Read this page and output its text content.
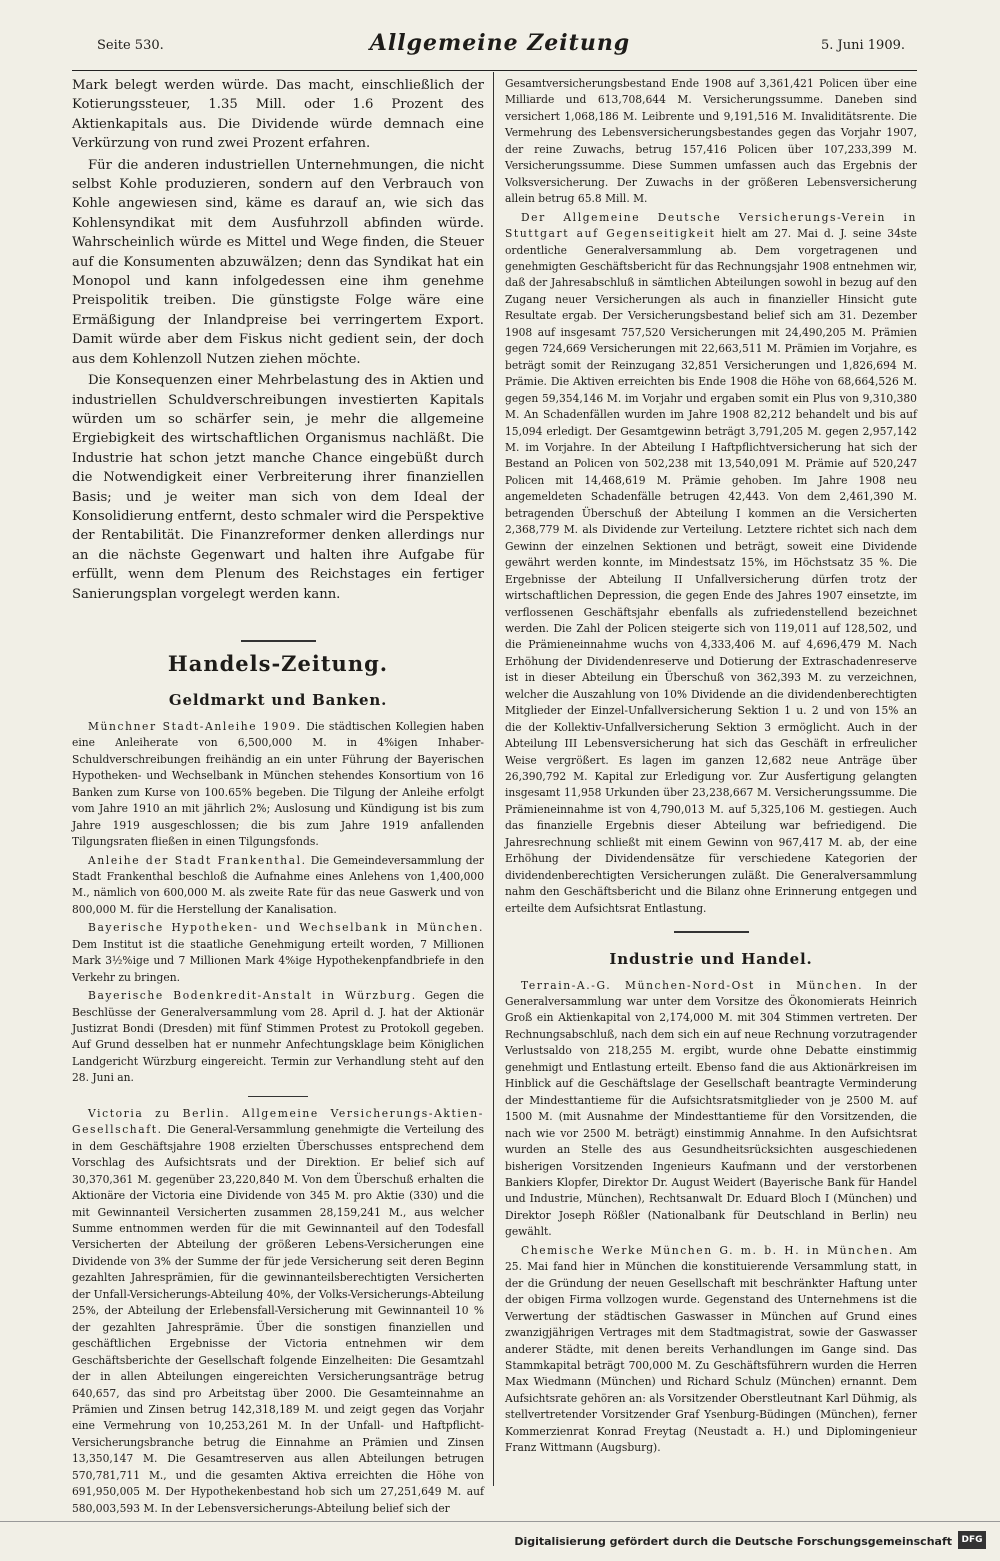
Seite 530.	Allgemeine Zeitung	5. Juni 1909.

Mark belegt werden würde. Das macht, einschließlich der Kotierungssteuer, 1.35 Mill. oder 1.6 Prozent des Aktienkapitals aus. Die Dividende würde demnach eine Verkürzung von rund zwei Prozent erfahren.

Für die anderen industriellen Unternehmungen, die nicht selbst Kohle produzieren, sondern auf den Verbrauch von Kohle angewiesen sind, käme es darauf an, wie sich das Kohlensyndikat mit dem Ausfuhrzoll abfinden würde. Wahrscheinlich würde es Mittel und Wege finden, die Steuer auf die Konsumenten abzuwälzen; denn das Syndikat hat ein Monopol und kann infolgedessen eine ihm genehme Preispolitik treiben. Die günstigste Folge wäre eine Ermäßigung der Inlandpreise bei verringertem Export. Damit würde aber dem Fiskus nicht gedient sein, der doch aus dem Kohlenzoll Nutzen ziehen möchte.

Die Konsequenzen einer Mehrbelastung des in Aktien und industriellen Schuldverschreibungen investierten Kapitals würden um so schärfer sein, je mehr die allgemeine Ergiebigkeit des wirtschaftlichen Organismus nachläßt. Die Industrie hat schon jetzt manche Chance eingebüßt durch die Notwendigkeit einer Verbreiterung ihrer finanziellen Basis; und je weiter man sich von dem Ideal der Konsolidierung entfernt, desto schmaler wird die Perspektive der Rentabilität. Die Finanzreformer denken allerdings nur an die nächste Gegenwart und halten ihre Aufgabe für erfüllt, wenn dem Plenum des Reichstages ein fertiger Sanierungsplan vorgelegt werden kann.

Handels-Zeitung.
Geldmarkt und Banken.

Münchner Stadt-Anleihe 1909. Die städtischen Kollegien haben eine Anleiherate von 6,500,000 M. in 4%igen Inhaber-Schuldverschreibungen freihändig an ein unter Führung der Bayerischen Hypotheken- und Wechselbank in München stehendes Konsortium von 16 Banken zum Kurse von 100.65% begeben. Die Tilgung der Anleihe erfolgt vom Jahre 1910 an mit jährlich 2%; Auslosung und Kündigung ist bis zum Jahre 1919 ausgeschlossen; die bis zum Jahre 1919 anfallenden Tilgungsraten fließen in einen Tilgungsfonds.

Anleihe der Stadt Frankenthal. Die Gemeindeversammlung der Stadt Frankenthal beschloß die Aufnahme eines Anlehens von 1,400,000 M., nämlich von 600,000 M. als zweite Rate für das neue Gaswerk und von 800,000 M. für die Herstellung der Kanalisation.

Bayerische Hypotheken- und Wechselbank in München. Dem Institut ist die staatliche Genehmigung erteilt worden, 7 Millionen Mark 3½%ige und 7 Millionen Mark 4%ige Hypothekenpfandbriefe in den Verkehr zu bringen.

Bayerische Bodenkredit-Anstalt in Würzburg. Gegen die Beschlüsse der Generalversammlung vom 28. April d. J. hat der Aktionär Justizrat Bondi (Dresden) mit fünf Stimmen Protest zu Protokoll gegeben. Auf Grund desselben hat er nunmehr Anfechtungsklage beim Königlichen Landgericht Würzburg eingereicht. Termin zur Verhandlung steht auf den 28. Juni an.

Victoria zu Berlin. Allgemeine Versicherungs-Aktien-Gesellschaft. Die General-Versammlung genehmigte die Verteilung des in dem Geschäftsjahre 1908 erzielten Überschusses entsprechend dem Vorschlag des Aufsichtsrats und der Direktion. Er belief sich auf 30,370,361 M. gegenüber 23,220,840 M. Von dem Überschuß erhalten die Aktionäre der Victoria eine Dividende von 345 M. pro Aktie (330) und die mit Gewinnanteil Versicherten zusammen 28,159,241 M., aus welcher Summe entnommen werden für die mit Gewinnanteil auf den Todesfall Versicherten der Abteilung der größeren Lebens-Versicherungen eine Dividende von 3% der Summe der für jede Versicherung seit deren Beginn gezahlten Jahresprämien, für die gewinnanteilsberechtigten Versicherten der Unfall-Versicherungs-Abteilung 40%, der Volks-Versicherungs-Abteilung 25%, der Abteilung der Erlebensfall-Versicherung mit Gewinnanteil 10 % der gezahlten Jahresprämie. Über die sonstigen finanziellen und geschäftlichen Ergebnisse der Victoria entnehmen wir dem Geschäftsberichte der Gesellschaft folgende Einzelheiten: Die Gesamtzahl der in allen Abteilungen eingereichten Versicherungsanträge betrug 640,657, das sind pro Arbeitstag über 2000. Die Gesamteinnahme an Prämien und Zinsen betrug 142,318,189 M. und zeigt gegen das Vorjahr eine Vermehrung von 10,253,261 M. In der Unfall- und Haftpflicht-Versicherungsbranche betrug die Einnahme an Prämien und Zinsen 13,350,147 M. Die Gesamtreserven aus allen Abteilungen betrugen 570,781,711 M., und die gesamten Aktiva erreichten die Höhe von 691,950,005 M. Der Hypothekenbestand hob sich um 27,251,649 M. auf 580,003,593 M. In der Lebensversicherungs-Abteilung belief sich der

Gesamtversicherungsbestand Ende 1908 auf 3,361,421 Policen über eine Milliarde und 613,708,644 M. Versicherungssumme. Daneben sind versichert 1,068,186 M. Leibrente und 9,191,516 M. Invaliditätsrente. Die Vermehrung des Lebensversicherungsbestandes gegen das Vorjahr 1907, der reine Zuwachs, betrug 157,416 Policen über 107,233,399 M. Versicherungssumme. Diese Summen umfassen auch das Ergebnis der Volksversicherung. Der Zuwachs in der größeren Lebensversicherung allein betrug 65.8 Mill. M.

Der Allgemeine Deutsche Versicherungs-Verein in Stuttgart auf Gegenseitigkeit hielt am 27. Mai d. J. seine 34ste ordentliche Generalversammlung ab. Dem vorgetragenen und genehmigten Geschäftsbericht für das Rechnungsjahr 1908 entnehmen wir, daß der Jahresabschluß in sämtlichen Abteilungen sowohl in bezug auf den Zugang neuer Versicherungen als auch in finanzieller Hinsicht gute Resultate ergab. Der Versicherungsbestand belief sich am 31. Dezember 1908 auf insgesamt 757,520 Versicherungen mit 24,490,205 M. Prämien gegen 724,669 Versicherungen mit 22,663,511 M. Prämien im Vorjahre, es beträgt somit der Reinzugang 32,851 Versicherungen und 1,826,694 M. Prämie. Die Aktiven erreichten bis Ende 1908 die Höhe von 68,664,526 M. gegen 59,354,146 M. im Vorjahr und ergaben somit ein Plus von 9,310,380 M. An Schadenfällen wurden im Jahre 1908 82,212 behandelt und bis auf 15,094 erledigt. Der Gesamtgewinn beträgt 3,791,205 M. gegen 2,957,142 M. im Vorjahre. In der Abteilung I Haftpflichtversicherung hat sich der Bestand an Policen von 502,238 mit 13,540,091 M. Prämie auf 520,247 Policen mit 14,468,619 M. Prämie gehoben. Im Jahre 1908 neu angemeldeten Schadenfälle betrugen 42,443. Von dem 2,461,390 M. betragenden Überschuß der Abteilung I kommen an die Versicherten 2,368,779 M. als Dividende zur Verteilung. Letztere richtet sich nach dem Gewinn der einzelnen Sektionen und beträgt, soweit eine Dividende gewährt werden konnte, im Mindestsatz 15%, im Höchstsatz 35 %. Die Ergebnisse der Abteilung II Unfallversicherung dürfen trotz der wirtschaftlichen Depression, die gegen Ende des Jahres 1907 einsetzte, im verflossenen Geschäftsjahr ebenfalls als zufriedenstellend bezeichnet werden. Die Zahl der Policen steigerte sich von 119,011 auf 128,502, und die Prämieneinnahme wuchs von 4,333,406 M. auf 4,696,479 M. Nach Erhöhung der Dividendenreserve und Dotierung der Extraschadenreserve ist in dieser Abteilung ein Überschuß von 362,393 M. zu verzeichnen, welcher die Auszahlung von 10% Dividende an die dividendenberechtigten Mitglieder der Einzel-Unfallversicherung Sektion 1 u. 2 und von 15% an die der Kollektiv-Unfallversicherung Sektion 3 ermöglicht. Auch in der Abteilung III Lebensversicherung hat sich das Geschäft in erfreulicher Weise vergrößert. Es lagen im ganzen 12,682 neue Anträge über 26,390,792 M. Kapital zur Erledigung vor. Zur Ausfertigung gelangten insgesamt 11,958 Urkunden über 23,238,667 M. Versicherungssumme. Die Prämieneinnahme ist von 4,790,013 M. auf 5,325,106 M. gestiegen. Auch das finanzielle Ergebnis dieser Abteilung war befriedigend. Die Jahresrechnung schließt mit einem Gewinn von 967,417 M. ab, der eine Erhöhung der Dividendensätze für verschiedene Kategorien der dividendenberechtigten Versicherungen zuläßt. Die Generalversammlung nahm den Geschäftsbericht und die Bilanz ohne Erinnerung entgegen und erteilte dem Aufsichtsrat Entlastung.

Industrie und Handel.

Terrain-A.-G. München-Nord-Ost in München. In der Generalversammlung war unter dem Vorsitze des Ökonomierats Heinrich Groß ein Aktienkapital von 2,174,000 M. mit 304 Stimmen vertreten. Der Rechnungsabschluß, nach dem sich ein auf neue Rechnung vorzutragender Verlustsaldo von 218,255 M. ergibt, wurde ohne Debatte einstimmig genehmigt und Entlastung erteilt. Ebenso fand die aus Aktionärkreisen im Hinblick auf die Geschäftslage der Gesellschaft beantragte Verminderung der Mindesttantieme für die Aufsichtsratsmitglieder von je 2500 M. auf 1500 M. (mit Ausnahme der Mindesttantieme für den Vorsitzenden, die nach wie vor 2500 M. beträgt) einstimmig Annahme. In den Aufsichtsrat wurden an Stelle des aus Gesundheitsrücksichten ausgeschiedenen bisherigen Vorsitzenden Ingenieurs Kaufmann und der verstorbenen Bankiers Klopfer, Direktor Dr. August Weidert (Bayerische Bank für Handel und Industrie, München), Rechtsanwalt Dr. Eduard Bloch I (München) und Direktor Joseph Rößler (Nationalbank für Deutschland in Berlin) neu gewählt.

Chemische Werke München G. m. b. H. in München. Am 25. Mai fand hier in München die konstituierende Versammlung statt, in der die Gründung der neuen Gesellschaft mit beschränkter Haftung unter der obigen Firma vollzogen wurde. Gegenstand des Unternehmens ist die Verwertung der städtischen Gaswasser in München auf Grund eines zwanzigjährigen Vertrages mit dem Stadtmagistrat, sowie der Gaswasser anderer Städte, mit denen bereits Verhandlungen im Gange sind. Das Stammkapital beträgt 700,000 M. Zu Geschäftsführern wurden die Herren Max Wiedmann (München) und Richard Schulz (München) ernannt. Dem Aufsichtsrate gehören an: als Vorsitzender Oberstleutnant Karl Dühmig, als stellvertretender Vorsitzender Graf Ysenburg-Büdingen (München), ferner Kommerzienrat Konrad Freytag (Neustadt a. H.) und Diplomingenieur Franz Wittmann (Augsburg).

Digitalisierung gefördert durch die Deutsche Forschungsgemeinschaft	DFG
